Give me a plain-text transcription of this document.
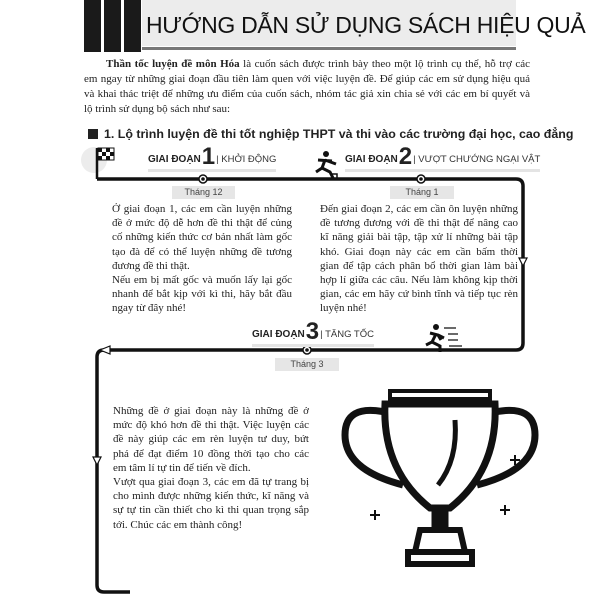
HƯỚNG DẪN SỬ DỤNG SÁCH HIỆU QUẢ

Thần tốc luyện đề môn Hóa là cuốn sách được trình bày theo một lộ trình cụ thể, hỗ trợ các em ngay từ những giai đoạn đầu tiên làm quen với việc luyện đề. Để giúp các em sử dụng hiệu quả và khai thác triệt để những ưu điểm của cuốn sách, nhóm tác giả xin chia sẻ với các em bí quyết và lộ trình sử dụng bộ sách như sau:

1. Lộ trình luyện đề thi tốt nghiệp THPT và thi vào các trường đại học, cao đẳng
GIAI ĐOẠN 1 | KHỞI ĐỘNG	GIAI ĐOẠN 2 | VƯỢT CHƯỚNG NGẠI VẬT
GIAI ĐOẠN 3 | TĂNG TỐC
Tháng 12	Tháng 1
Tháng 3
Ở giai đoạn 1, các em cần luyện những đề ở mức độ dễ hơn đề thi thật để củng cố những kiến thức cơ bản nhất làm gốc tạo đà để có thể luyện những đề tương đương đề thi thật.
Nếu em bị mất gốc và muốn lấy lại gốc nhanh để bắt kịp với kì thi, hãy bắt đầu ngay từ đây nhé!
Đến giai đoạn 2, các em cần ôn luyện những đề tương đương với đề thi thật để nâng cao kĩ năng giải bài tập, tập xử lí những bài tập khó. Giai đoạn này các em cần bấm thời gian để tập cách phân bổ thời gian làm bài hợp lí giữa các câu. Nếu làm không kịp thời gian, các em hãy cứ bình tĩnh và tiếp tục rèn luyện nhé!
Những đề ở giai đoạn này là những đề ở mức độ khó hơn đề thi thật. Việc luyện các đề này giúp các em rèn luyện tư duy, bứt phá để đạt điểm 10 đồng thời tạo cho các em tâm lí tự tin để tiến về đích.
Vượt qua giai đoạn 3, các em đã tự trang bị cho mình được những kiến thức, kĩ năng và sự tự tin cần thiết cho kì thi quan trọng sắp tới. Chúc các em thành công!
